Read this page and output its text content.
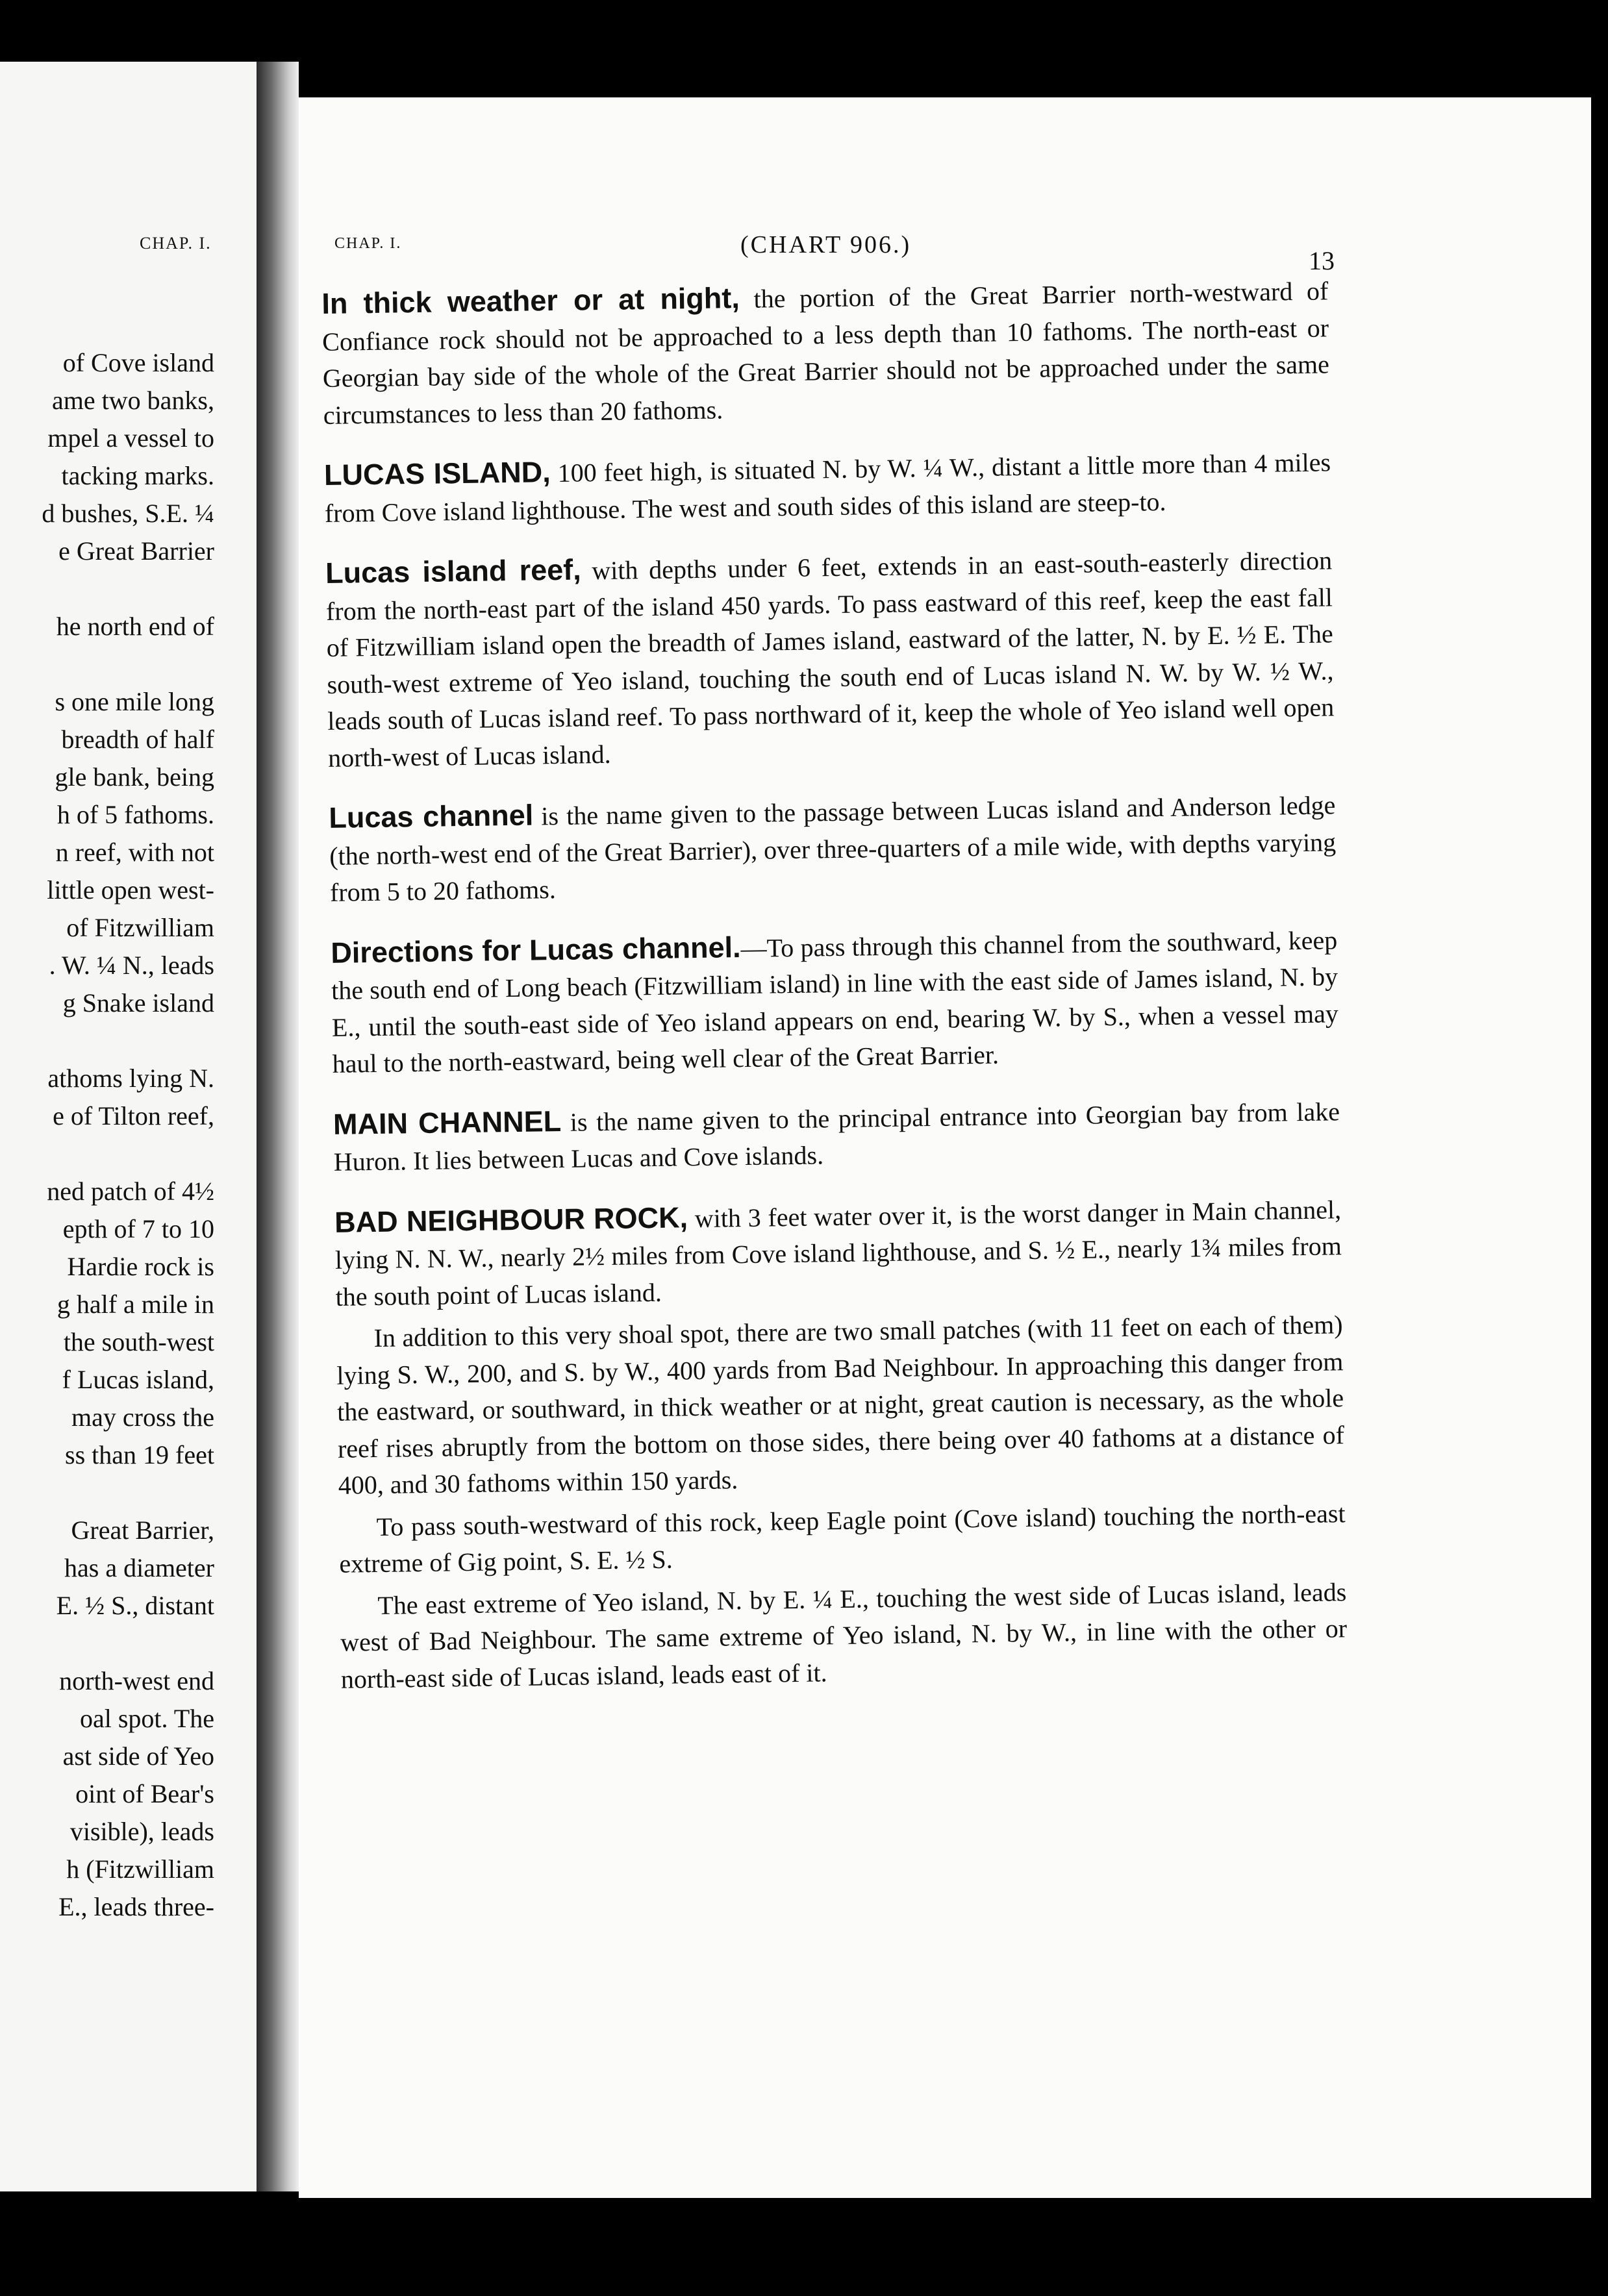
CHAP. I.
of Cove island
ame two banks,
mpel a vessel to
tacking marks.
d bushes, S.E. ¼
e Great Barrier
he north end of
s one mile long
breadth of half
gle bank, being
h of 5 fathoms.
n reef, with not
little open west-
of Fitzwilliam
. W. ¼ N., leads
g Snake island
athoms lying N.
e of Tilton reef,
ned patch of 4½
epth of 7 to 10
Hardie rock is
g half a mile in
the south-west
f Lucas island,
may cross the
ss than 19 feet
Great Barrier,
has a diameter
E. ½ S., distant
north-west end
oal spot. The
ast side of Yeo
oint of Bear's
visible), leads
h (Fitzwilliam
E., leads three-
CHAP. I.	(CHART 906.)
13

In thick weather or at night, the portion of the Great Barrier north-westward of Confiance rock should not be approached to a less depth than 10 fathoms. The north-east or Georgian bay side of the whole of the Great Barrier should not be approached under the same circumstances to less than 20 fathoms.

LUCAS ISLAND, 100 feet high, is situated N. by W. ¼ W., distant a little more than 4 miles from Cove island lighthouse. The west and south sides of this island are steep-to.

Lucas island reef, with depths under 6 feet, extends in an east-south-easterly direction from the north-east part of the island 450 yards. To pass eastward of this reef, keep the east fall of Fitzwilliam island open the breadth of James island, eastward of the latter, N. by E. ½ E. The south-west extreme of Yeo island, touching the south end of Lucas island N. W. by W. ½ W., leads south of Lucas island reef. To pass northward of it, keep the whole of Yeo island well open north-west of Lucas island.

Lucas channel is the name given to the passage between Lucas island and Anderson ledge (the north-west end of the Great Barrier), over three-quarters of a mile wide, with depths varying from 5 to 20 fathoms.

Directions for Lucas channel.—To pass through this channel from the southward, keep the south end of Long beach (Fitzwilliam island) in line with the east side of James island, N. by E., until the south-east side of Yeo island appears on end, bearing W. by S., when a vessel may haul to the north-eastward, being well clear of the Great Barrier.

MAIN CHANNEL is the name given to the principal entrance into Georgian bay from lake Huron. It lies between Lucas and Cove islands.

BAD NEIGHBOUR ROCK, with 3 feet water over it, is the worst danger in Main channel, lying N. N. W., nearly 2½ miles from Cove island lighthouse, and S. ½ E., nearly 1¾ miles from the south point of Lucas island.

In addition to this very shoal spot, there are two small patches (with 11 feet on each of them) lying S. W., 200, and S. by W., 400 yards from Bad Neighbour. In approaching this danger from the eastward, or southward, in thick weather or at night, great caution is necessary, as the whole reef rises abruptly from the bottom on those sides, there being over 40 fathoms at a distance of 400, and 30 fathoms within 150 yards.

To pass south-westward of this rock, keep Eagle point (Cove island) touching the north-east extreme of Gig point, S. E. ½ S.

The east extreme of Yeo island, N. by E. ¼ E., touching the west side of Lucas island, leads west of Bad Neighbour. The same extreme of Yeo island, N. by W., in line with the other or north-east side of Lucas island, leads east of it.
